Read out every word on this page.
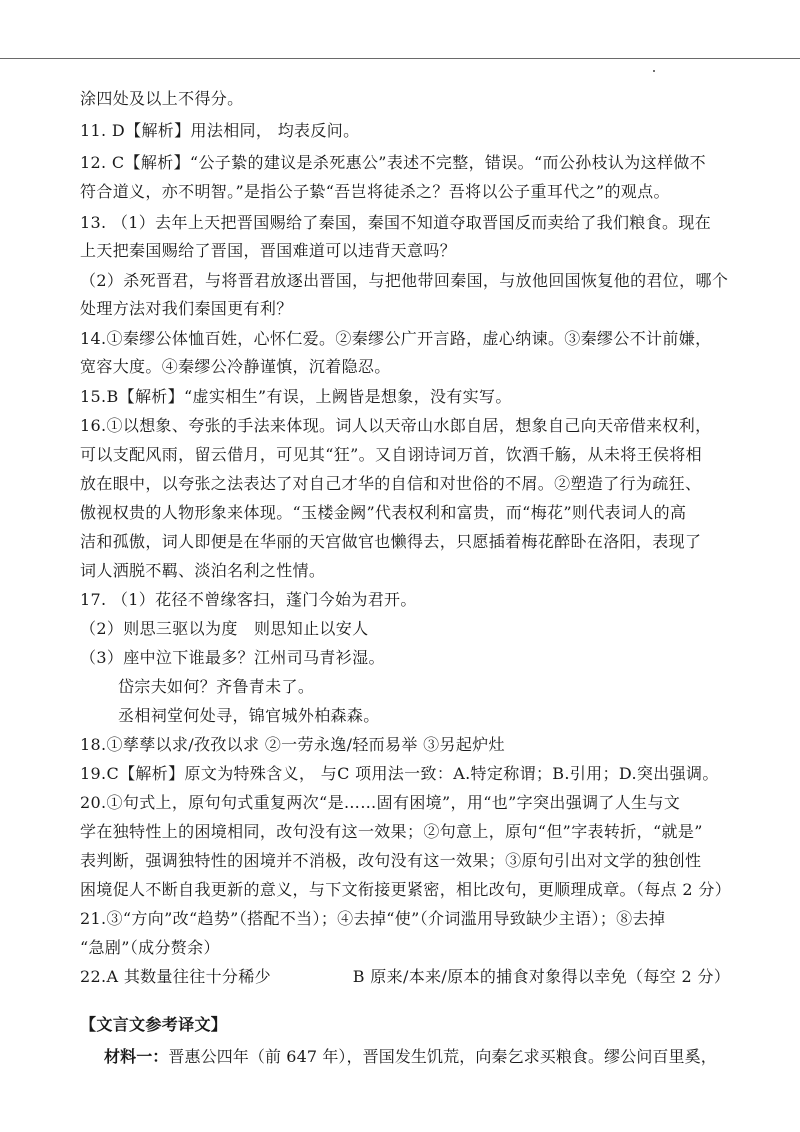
涂四处及以上不得分。
11. D【解析】用法相同， 均表反问。
12. C【解析】“公子絷的建议是杀死惠公”表述不完整，错误。“而公孙枝认为这样做不
符合道义，亦不明智。”是指公子絷“吾岂将徒杀之？吾将以公子重耳代之”的观点。
13. （1）去年上天把晋国赐给了秦国，秦国不知道夺取晋国反而卖给了我们粮食。现在
上天把秦国赐给了晋国，晋国难道可以违背天意吗？
（2）杀死晋君，与将晋君放逐出晋国，与把他带回秦国，与放他回国恢复他的君位，哪个
处理方法对我们秦国更有利？
14.①秦缪公体恤百姓，心怀仁爱。②秦缪公广开言路，虚心纳谏。③秦缪公不计前嫌，
宽容大度。④秦缪公冷静谨慎，沉着隐忍。
15.B【解析】“虚实相生”有误，上阙皆是想象，没有实写。
16.①以想象、夸张的手法来体现。词人以天帝山水郎自居，想象自己向天帝借来权利，
可以支配风雨，留云借月，可见其“狂”。又自诩诗词万首，饮酒千觞，从未将王侯将相
放在眼中，以夸张之法表达了对自己才华的自信和对世俗的不屑。②塑造了行为疏狂、
傲视权贵的人物形象来体现。“玉楼金阙”代表权利和富贵，而“梅花”则代表词人的高
洁和孤傲，词人即便是在华丽的天宫做官也懒得去，只愿插着梅花醉卧在洛阳，表现了
词人洒脱不羁、淡泊名利之性情。
17. （1）花径不曾缘客扫，蓬门今始为君开。
（2）则思三驱以为度　则思知止以安人
（3）座中泣下谁最多？江州司马青衫湿。
岱宗夫如何？齐鲁青未了。
丞相祠堂何处寻，锦官城外柏森森。
18.①孳孳以求/孜孜以求 ②一劳永逸/轻而易举 ③另起炉灶
19.C【解析】原文为特殊含义， 与C 项用法一致：A.特定称谓；B.引用；D.突出强调。
20.①句式上，原句句式重复两次“是……固有困境”，用“也”字突出强调了人生与文
学在独特性上的困境相同，改句没有这一效果；②句意上，原句“但”字表转折，“就是”
表判断，强调独特性的困境并不消极，改句没有这一效果；③原句引出对文学的独创性
困境促人不断自我更新的意义，与下文衔接更紧密，相比改句，更顺理成章。（每点 2 分）
21.③“方向”改“趋势”（搭配不当）；④去掉“使”（介词滥用导致缺少主语）；⑧去掉
“急剧”（成分赘余）
22.A 其数量往往十分稀少　　　　　B 原来/本来/原本的捕食对象得以幸免（每空 2 分）
【文言文参考译文】
材料一：晋惠公四年（前 647 年），晋国发生饥荒，向秦乞求买粮食。缪公问百里奚，
